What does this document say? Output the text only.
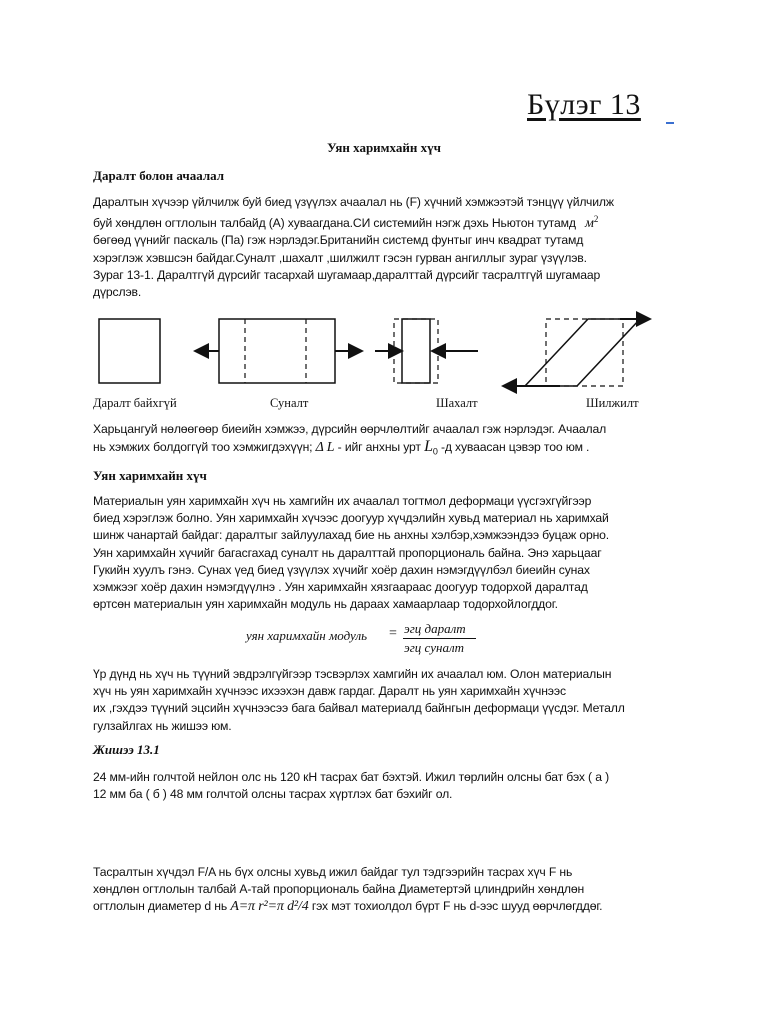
Бүлэг 13
Уян харимхайн хүч
Даралт болон ачаалал
Даралтын хүчээр үйлчилж буй биед үзүүлэх ачаалал нь (F) хүчний хэмжээтэй тэнцүү үйлчилж
буй хөндлөн огтлолын талбайд (A) хуваагдана.СИ системийн нэгж дэхь Ньютон тутамд $м^2$
бөгөөд үүнийг паскаль (Па) гэж нэрлэдэг.Британийн системд фунтыг инч квадрат тутамд
хэрэглэж хэвшсэн байдаг.Суналт ,шахалт ,шилжилт гэсэн гурван ангиллыг зураг үзүүлэв.
Зураг 13-1. Даралтгүй дүрсийг тасархай шугамаар,даралттай дүрсийг тасралтгүй шугамаар
дүрслэв.
Даралт байхгүй	Суналт	Шахалт	Шилжилт
Харьцангуй нөлөөгөөр биеийн хэмжээ, дүрсийн өөрчлөлтийг ачаалал гэж нэрлэдэг. Ачаалал
нь хэмжих болдоггүй тоо хэмжигдэхүүн; Δ L - ийг анхны урт $L_0$ -д хуваасан цэвэр тоо юм .
Уян харимхайн хүч
Материалын уян харимхайн хүч нь хамгийн их ачаалал тогтмол деформаци үүсгэхгүйгээр
биед хэрэглэж болно. Уян харимхайн хүчээс доогуур хүчдэлийн хувьд материал нь харимхай
шинж чанартай байдаг: даралтыг зайлуулахад бие нь анхны хэлбэр,хэмжээндээ буцаж орно.
Уян харимхайн хүчийг багасгахад суналт нь даралттай пропорциональ байна. Энэ харьцааг
Гукийн хуулъ гэнэ. Сунах үед биед үзүүлэх хүчийг хоёр дахин нэмэгдүүлбэл биеийн сунах
хэмжээг хоёр дахин нэмэгдүүлнэ . Уян харимхайн хязгаараас доогуур тодорхой даралтад
өртсөн материалын уян харимхайн модуль нь дараах хамаарлаар тодорхойлогддог.
уян харимхайн модуль = эгц даралт
эгц суналт
Үр дүнд нь хүч нь түүний эвдрэлгүйгээр тэсвэрлэх хамгийн их ачаалал юм. Олон материалын
хүч нь уян харимхайн хүчнээс ихээхэн давж гардаг. Даралт нь уян харимхайн хүчнээс
их ,гэхдээ түүний эцсийн хүчнээсээ бага байвал материалд байнгын деформаци үүсдэг. Металл
гулзайлгах нь жишээ юм.
Жишээ 13.1
24 мм-ийн голчтой нейлон олс нь 120 кН тасрах бат бэхтэй. Ижил төрлийн олсны бат бэх ( а )
12 мм ба ( б ) 48 мм голчтой олсны тасрах хүртлэх бат бэхийг ол.
Тасралтын хүчдэл F/A нь бүх олсны хувьд ижил байдаг тул тэдгээрийн тасрах хүч F нь
хөндлөн огтлолын талбай A-тай пропорциональ байна Диаметертэй цлиндрийн хөндлөн
огтлолын диаметер d нь A=π r²=π d²/4 гэх мэт тохиолдол бүрт F нь d-ээс шууд өөрчлөгддөг.
